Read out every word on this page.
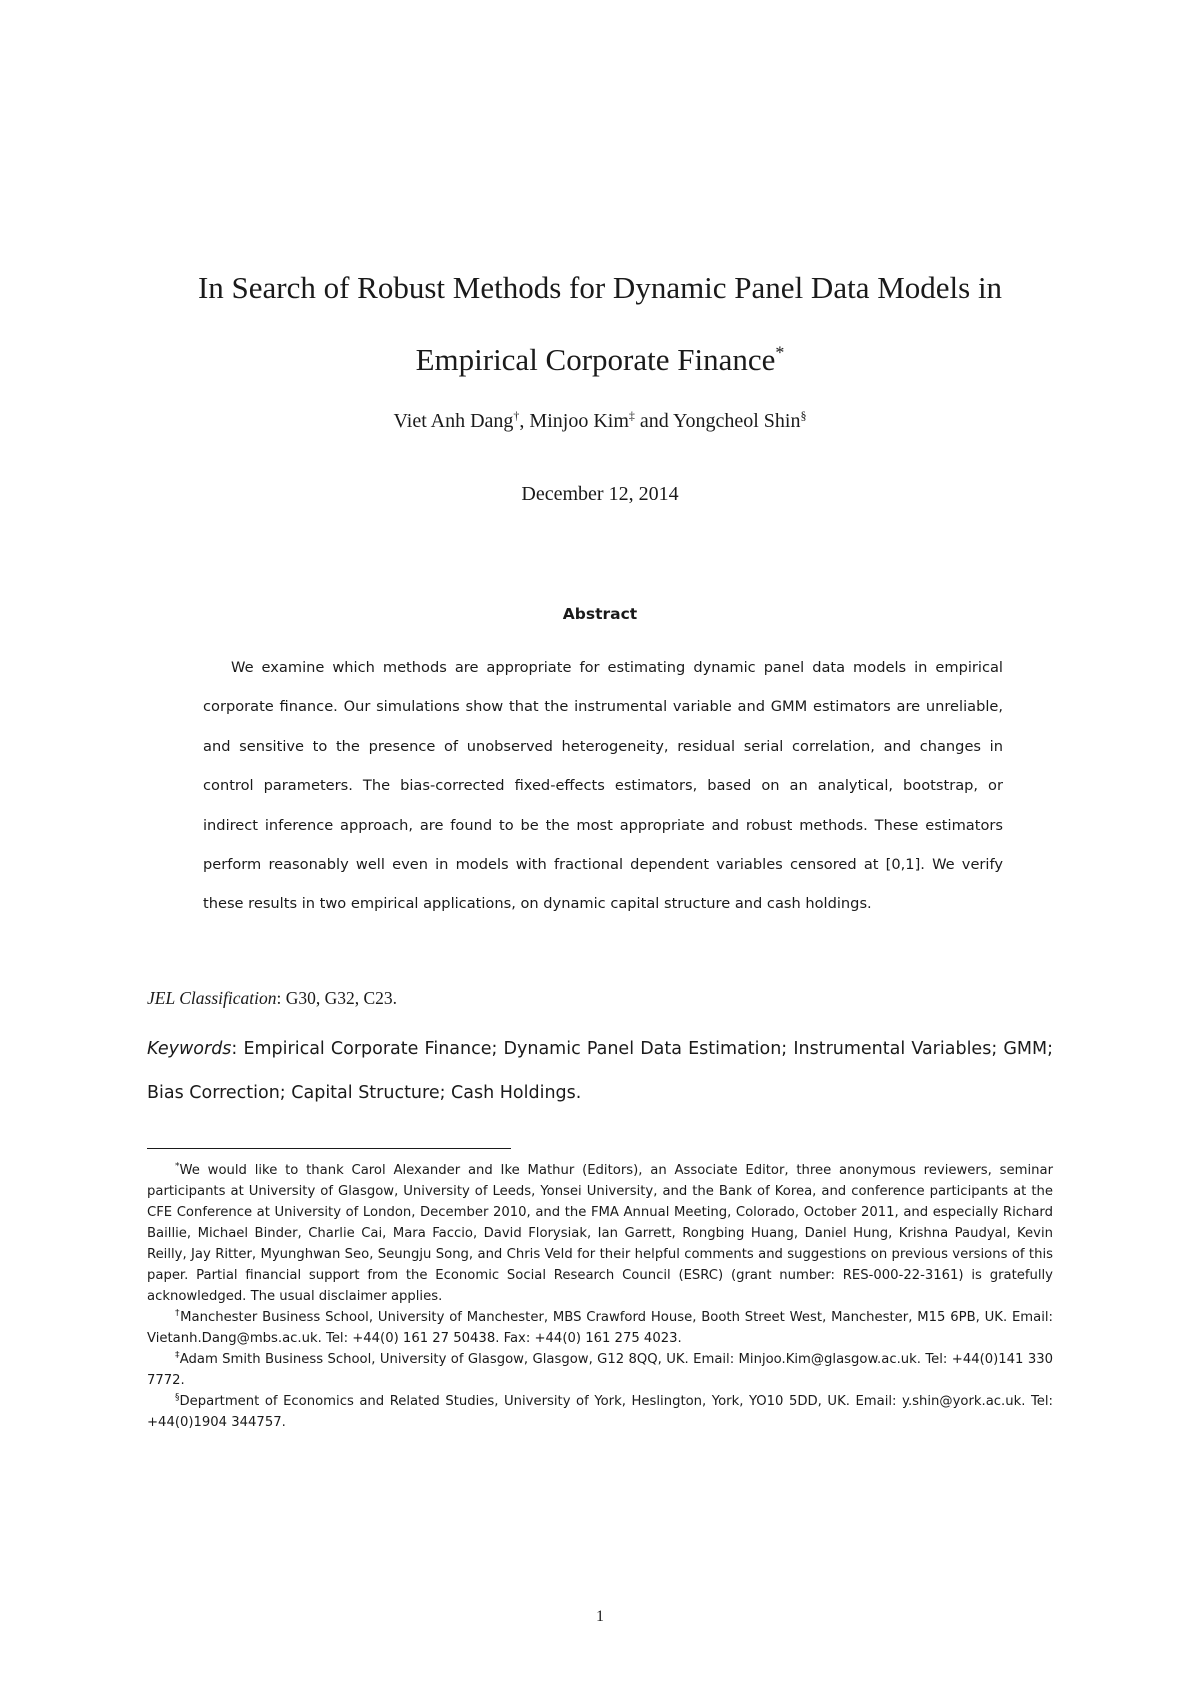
In Search of Robust Methods for Dynamic Panel Data Models in
Empirical Corporate Finance*
Viet Anh Dang†, Minjoo Kim‡ and Yongcheol Shin§
December 12, 2014
Abstract

We examine which methods are appropriate for estimating dynamic panel data models in empirical corporate finance. Our simulations show that the instrumental variable and GMM estimators are unreliable, and sensitive to the presence of unobserved heterogeneity, residual serial correlation, and changes in control parameters. The bias-corrected fixed-effects estimators, based on an analytical, bootstrap, or indirect inference approach, are found to be the most appropriate and robust methods. These estimators perform reasonably well even in models with fractional dependent variables censored at [0,1]. We verify these results in two empirical applications, on dynamic capital structure and cash holdings.

JEL Classification: G30, G32, C23.

Keywords: Empirical Corporate Finance; Dynamic Panel Data Estimation; Instrumental Variables; GMM; Bias Correction; Capital Structure; Cash Holdings.

*We would like to thank Carol Alexander and Ike Mathur (Editors), an Associate Editor, three anonymous reviewers, seminar participants at University of Glasgow, University of Leeds, Yonsei University, and the Bank of Korea, and conference participants at the CFE Conference at University of London, December 2010, and the FMA Annual Meeting, Colorado, October 2011, and especially Richard Baillie, Michael Binder, Charlie Cai, Mara Faccio, David Florysiak, Ian Garrett, Rongbing Huang, Daniel Hung, Krishna Paudyal, Kevin Reilly, Jay Ritter, Myunghwan Seo, Seungju Song, and Chris Veld for their helpful comments and suggestions on previous versions of this paper. Partial financial support from the Economic Social Research Council (ESRC) (grant number: RES-000-22-3161) is gratefully acknowledged. The usual disclaimer applies.

†Manchester Business School, University of Manchester, MBS Crawford House, Booth Street West, Manchester, M15 6PB, UK. Email: Vietanh.Dang@mbs.ac.uk. Tel: +44(0) 161 27 50438. Fax: +44(0) 161 275 4023.

‡Adam Smith Business School, University of Glasgow, Glasgow, G12 8QQ, UK. Email: Minjoo.Kim@glasgow.ac.uk. Tel: +44(0)141 330 7772.

§Department of Economics and Related Studies, University of York, Heslington, York, YO10 5DD, UK. Email: y.shin@york.ac.uk. Tel: +44(0)1904 344757.

1
